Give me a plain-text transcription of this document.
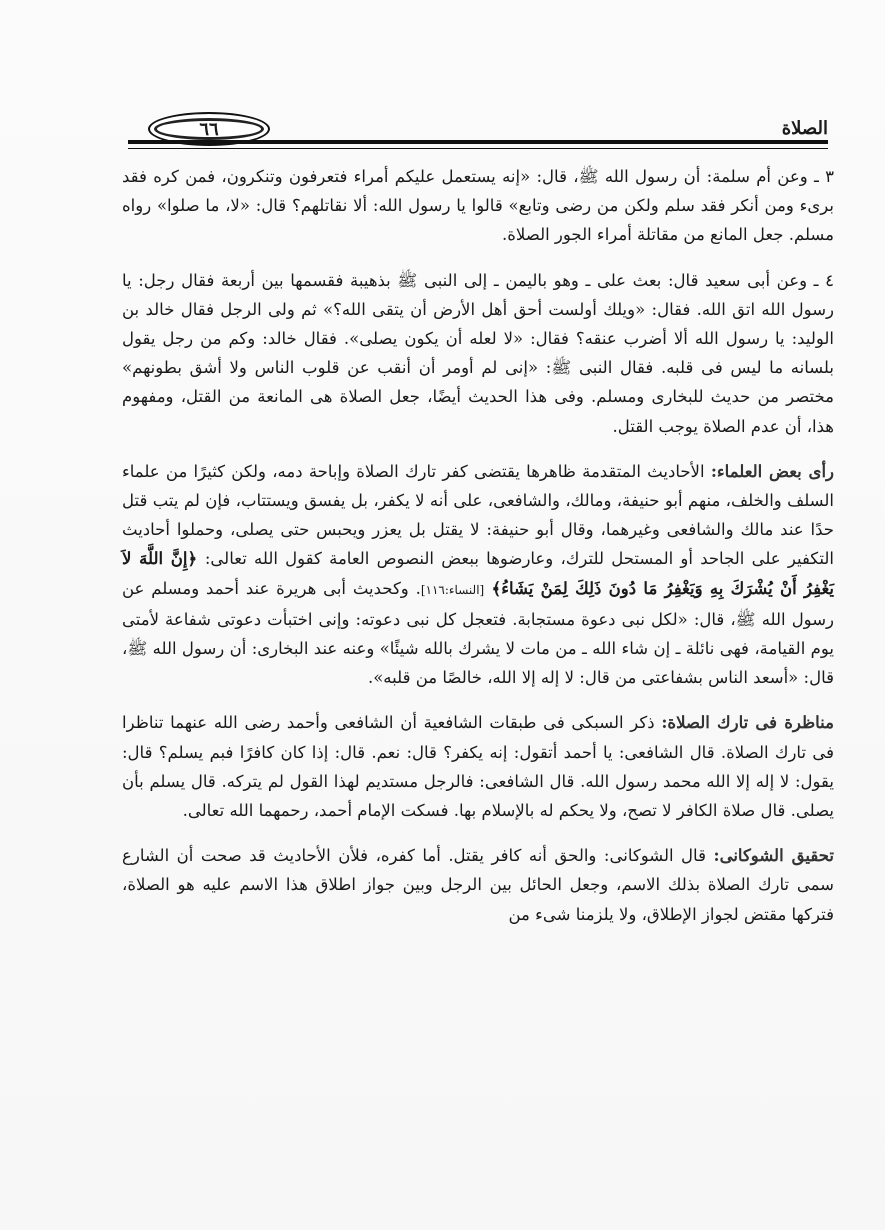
٦٦	الصلاة

٣ ـ وعن أم سلمة: أن رسول الله ﷺ، قال: «إنه يستعمل عليكم أمراء فتعرفون وتنكرون، فمن كره فقد برىء ومن أنكر فقد سلم ولكن من رضى وتابع» قالوا يا رسول الله: ألا نقاتلهم؟ قال: «لا، ما صلوا» رواه مسلم. جعل المانع من مقاتلة أمراء الجور الصلاة.

٤ ـ وعن أبى سعيد قال: بعث على ـ وهو باليمن ـ إلى النبى ﷺ بذهيبة فقسمها بين أربعة فقال رجل: يا رسول الله اتق الله. فقال: «ويلك أولست أحق أهل الأرض أن يتقى الله؟» ثم ولى الرجل فقال خالد بن الوليد: يا رسول الله ألا أضرب عنقه؟ فقال: «لا لعله أن يكون يصلى». فقال خالد: وكم من رجل يقول بلسانه ما ليس فى قلبه. فقال النبى ﷺ: «إنى لم أومر أن أنقب عن قلوب الناس ولا أشق بطونهم» مختصر من حديث للبخارى ومسلم. وفى هذا الحديث أيضًا، جعل الصلاة هى المانعة من القتل، ومفهوم هذا، أن عدم الصلاة يوجب القتل.

رأى بعض العلماء: الأحاديث المتقدمة ظاهرها يقتضى كفر تارك الصلاة وإباحة دمه، ولكن كثيرًا من علماء السلف والخلف، منهم أبو حنيفة، ومالك، والشافعى، على أنه لا يكفر، بل يفسق ويستتاب، فإن لم يتب قتل حدًا عند مالك والشافعى وغيرهما، وقال أبو حنيفة: لا يقتل بل يعزر ويحبس حتى يصلى، وحملوا أحاديث التكفير على الجاحد أو المستحل للترك، وعارضوها ببعض النصوص العامة كقول الله تعالى: ﴿إِنَّ اللَّهَ لاَ يَغْفِرُ أَنْ يُشْرَكَ بِهِ وَيَغْفِرُ مَا دُونَ ذَلِكَ لِمَنْ يَشَاءُ﴾ [النساء:١١٦]. وكحديث أبى هريرة عند أحمد ومسلم عن رسول الله ﷺ، قال: «لكل نبى دعوة مستجابة. فتعجل كل نبى دعوته: وإنى اختبأت دعوتى شفاعة لأمتى يوم القيامة، فهى نائلة ـ إن شاء الله ـ من مات لا يشرك بالله شيئًا» وعنه عند البخارى: أن رسول الله ﷺ، قال: «أسعد الناس بشفاعتى من قال: لا إله إلا الله، خالصًا من قلبه».

مناظرة فى تارك الصلاة: ذكر السبكى فى طبقات الشافعية أن الشافعى وأحمد رضى الله عنهما تناظرا فى تارك الصلاة. قال الشافعى: يا أحمد أتقول: إنه يكفر؟ قال: نعم. قال: إذا كان كافرًا فبم يسلم؟ قال: يقول: لا إله إلا الله محمد رسول الله. قال الشافعى: فالرجل مستديم لهذا القول لم يتركه. قال يسلم بأن يصلى. قال صلاة الكافر لا تصح، ولا يحكم له بالإسلام بها. فسكت الإمام أحمد، رحمهما الله تعالى.

تحقيق الشوكانى: قال الشوكانى: والحق أنه كافر يقتل. أما كفره، فلأن الأحاديث قد صحت أن الشارع سمى تارك الصلاة بذلك الاسم، وجعل الحائل بين الرجل وبين جواز اطلاق هذا الاسم عليه هو الصلاة، فتركها مقتض لجواز الإطلاق، ولا يلزمنا شىء من
